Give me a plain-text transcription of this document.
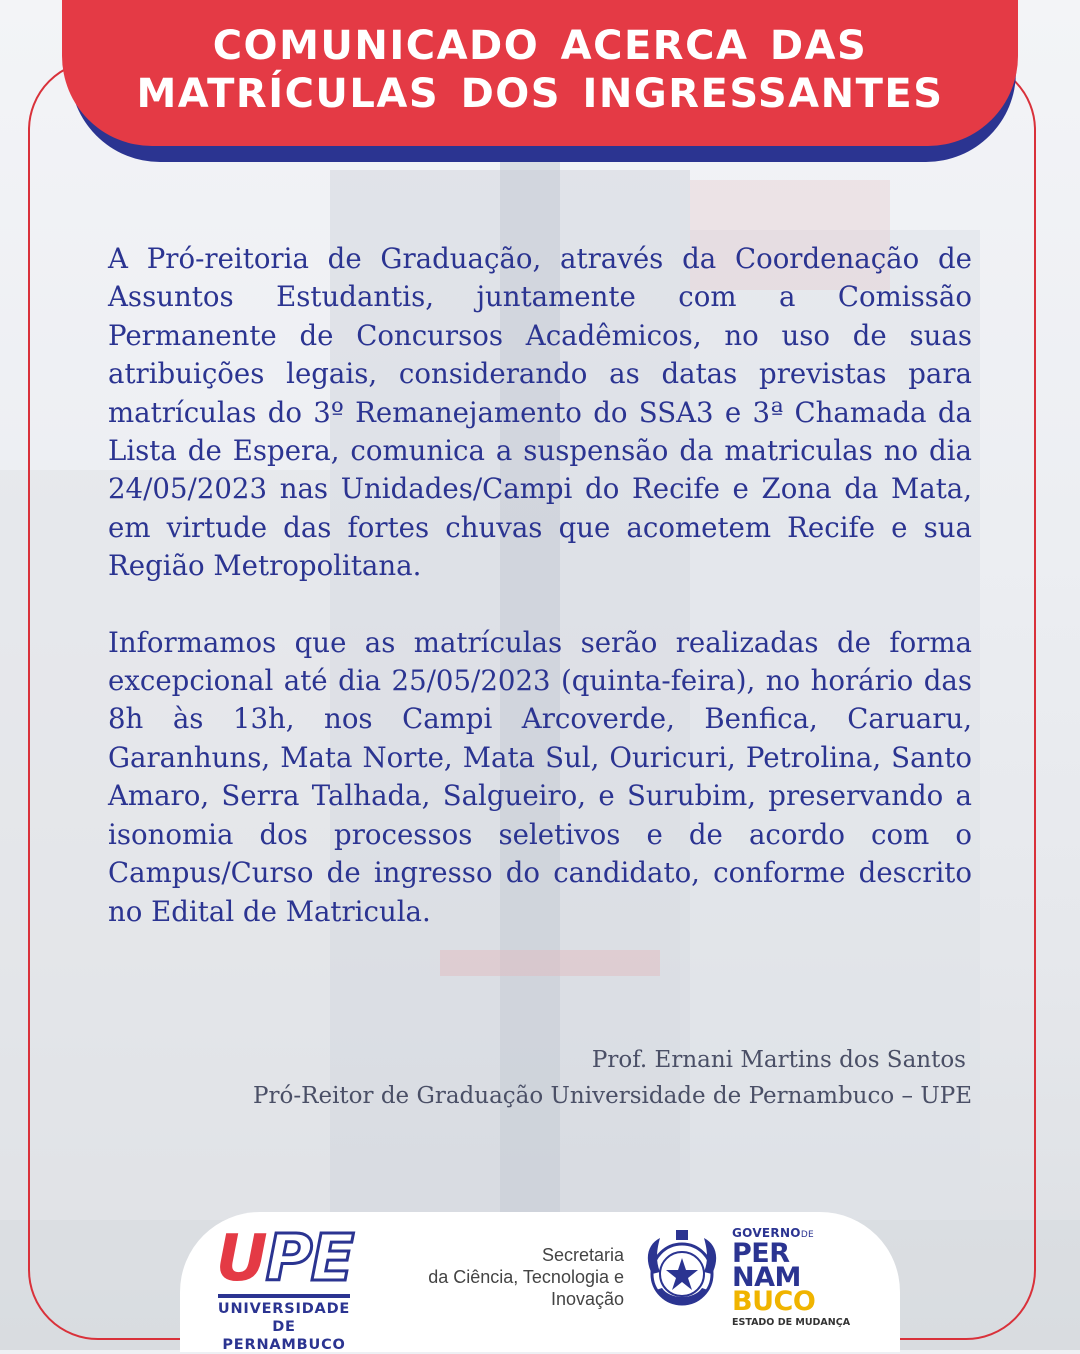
COMUNICADO ACERCA DAS MATRÍCULAS DOS INGRESSANTES

A Pró-reitoria de Graduação, através da Coordenação de Assuntos Estudantis, juntamente com a Comissão Permanente de Concursos Acadêmicos, no uso de suas atribuições legais, considerando as datas previstas para matrículas do 3º Remanejamento do SSA3 e 3ª Chamada da Lista de Espera, comunica a suspensão da matriculas no dia 24/05/2023 nas Unidades/Campi do Recife e Zona da Mata, em virtude das fortes chuvas que acometem Recife e sua Região Metropolitana.

Informamos que as matrículas serão realizadas de forma excepcional até dia 25/05/2023 (quinta-feira), no horário das 8h às 13h, nos Campi Arcoverde, Benfica, Caruaru, Garanhuns, Mata Norte, Mata Sul, Ouricuri, Petrolina, Santo Amaro, Serra Talhada, Salgueiro, e Surubim, preservando a isonomia dos processos seletivos e de acordo com o Campus/Curso de ingresso do candidato, conforme descrito no Edital de Matricula.

Prof. Ernani Martins dos Santos
Pró-Reitor de Graduação Universidade de Pernambuco – UPE
UPE
UNIVERSIDADE
DE PERNAMBUCO
Secretaria
da Ciência, Tecnologia e
Inovação
GOVERNODE
PER
NAM
BUCO
ESTADO DE MUDANÇA
